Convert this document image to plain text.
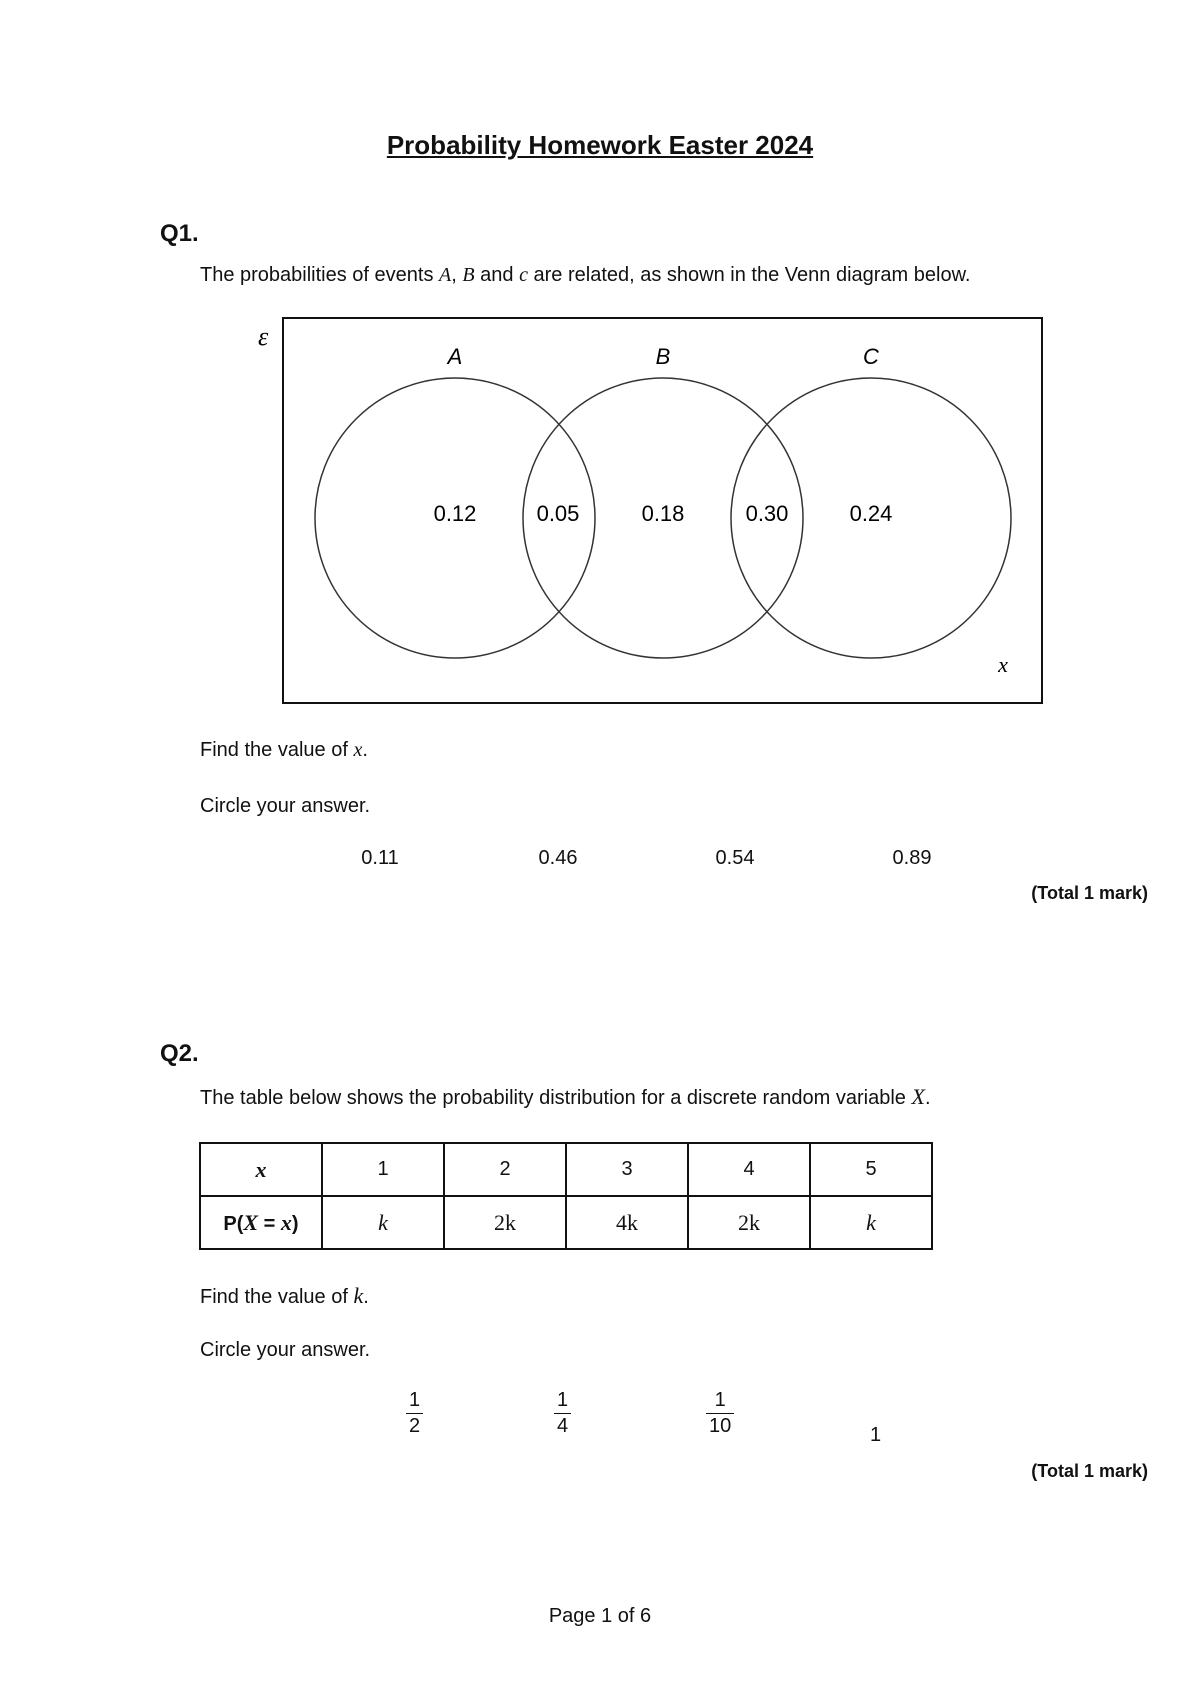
Probability Homework Easter 2024
Q1.
The probabilities of events A, B and c are related, as shown in the Venn diagram below.
ε
A	B	C
0.12	0.05	0.18	0.30	0.24
x
Find the value of x.
Circle your answer.
0.11	0.46	0.54	0.89
(Total 1 mark)
Q2.
The table below shows the probability distribution for a discrete random variable X.
x	1	2	3	4	5
P(X = x)	k	2k	4k	2k	k
Find the value of k.
Circle your answer.
$\frac{1}{2}$	$\frac{1}{4}$	$\frac{1}{10}$	1
(Total 1 mark)
Page 1 of 6
